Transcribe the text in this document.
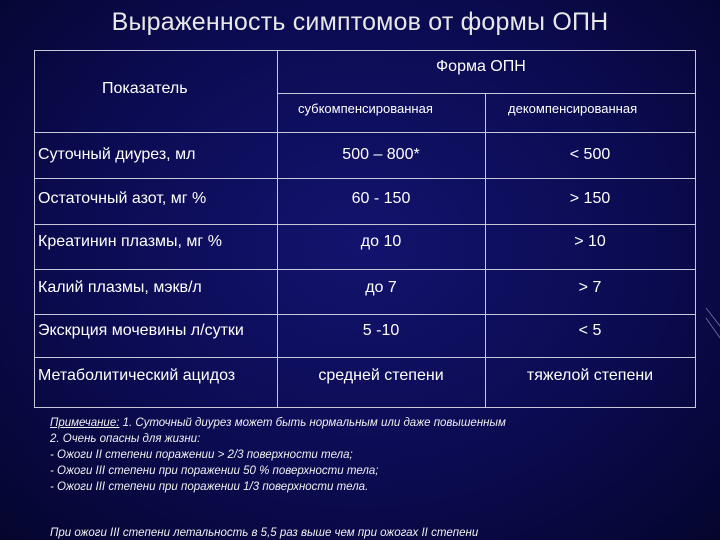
Выраженность симптомов от формы ОПН
Показатель
Форма ОПН
субкомпенсированная	декомпенсированная
Суточный диурез, мл	500 – 800*	< 500
Остаточный азот, мг %	60 - 150	> 150
Креатинин плазмы, мг %	до 10	> 10
Калий плазмы, мэкв/л	до 7	> 7
Экскрция мочевины л/сутки	5 -10	< 5
Метаболитический ацидоз	средней степени	тяжелой степени
Примечание: 1. Суточный диурез может быть нормальным или даже повышенным
2. Очень опасны для жизни:
- Ожоги II степени поражении > 2/3 поверхности тела;
- Ожоги III степени при поражении 50 % поверхности тела;
- Ожоги III степени при поражении 1/3 поверхности тела.
При ожоги III степени летальность в 5,5 раз выше чем при ожогах II степени
